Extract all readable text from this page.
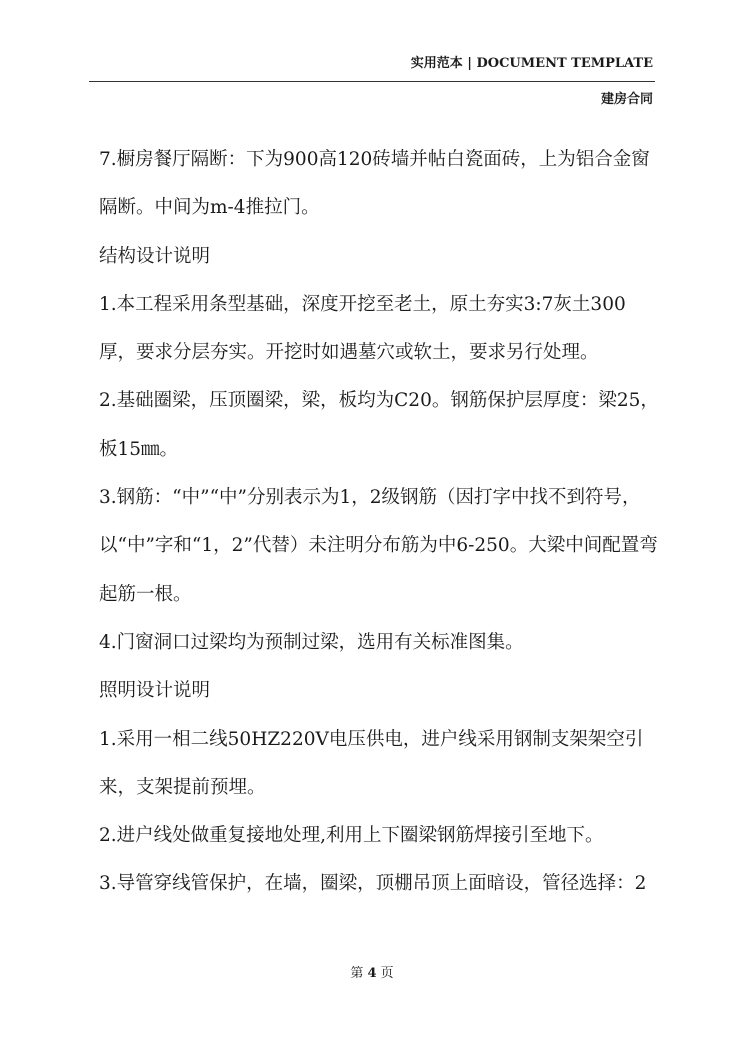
实用范本 | DOCUMENT TEMPLATE
建房合同

7.橱房餐厅隔断：下为900高120砖墙并帖白瓷面砖，上为铝合金窗隔断。中间为m-4推拉门。

结构设计说明

1.本工程采用条型基础，深度开挖至老土，原土夯实3:7灰土300厚，要求分层夯实。开挖时如遇墓穴或软土，要求另行处理。

2.基础圈梁，压顶圈梁，梁，板均为C20。钢筋保护层厚度：梁25，板15㎜。

3.钢筋：“中”“中”分别表示为1，2级钢筋（因打字中找不到符号，以“中”字和“1，2”代替）未注明分布筋为中6-250。大梁中间配置弯起筋一根。

4.门窗洞口过梁均为预制过梁，选用有关标准图集。

照明设计说明

1.采用一相二线50HZ220V电压供电，进户线采用钢制支架架空引来，支架提前预埋。

2.进户线处做重复接地处理,利用上下圈梁钢筋焊接引至地下。

3.导管穿线管保护，在墙，圈梁，顶棚吊顶上面暗设，管径选择：2

第 4 页
